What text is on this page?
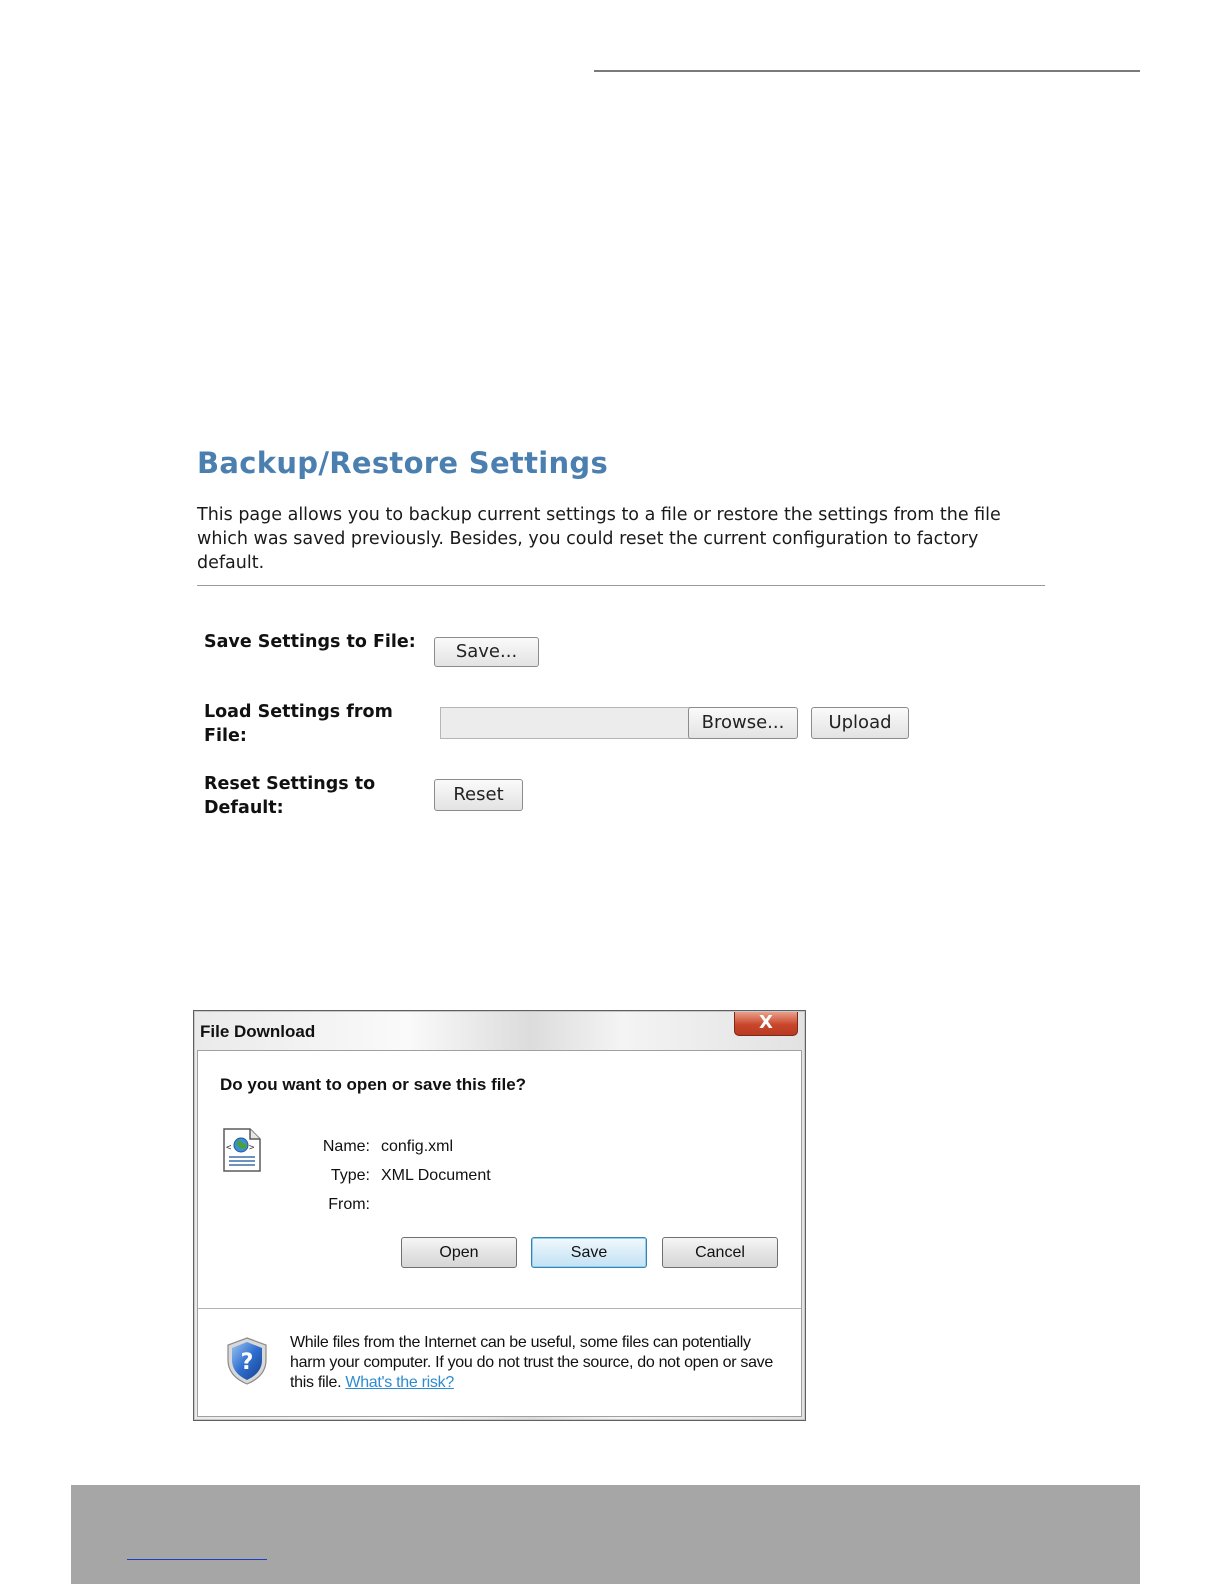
Backup/Restore Settings

This page allows you to backup current settings to a file or restore the settings from the file which was saved previously. Besides, you could reset the current configuration to factory default.

Save Settings to File:	Save...
Load Settings from File:
Browse...	Upload
Reset Settings to Default:
Reset
File Download	X
Do you want to open or save this file?
< >	Name: config.xml
Type: XML Document
From:
Open	Save	Cancel
?
While files from the Internet can be useful, some files can potentially harm your computer. If you do not trust the source, do not open or save this file. What's the risk?
